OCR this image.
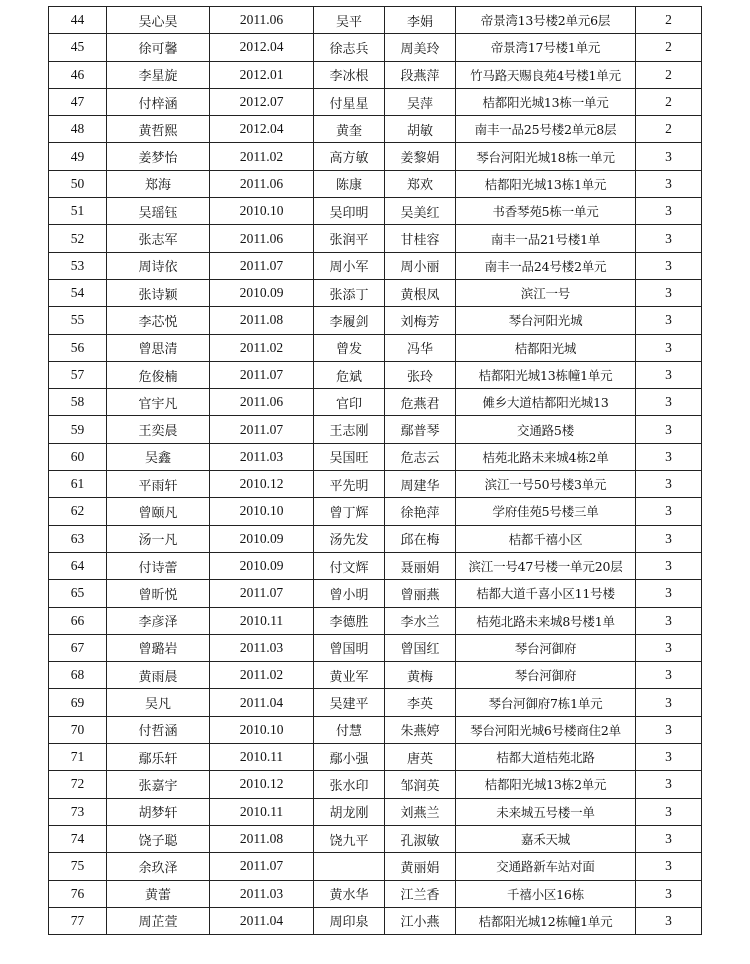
44	吴心昊	2011.06	吴平	李娟	帝景湾13号楼2单元6层	2
45	徐可馨	2012.04	徐志兵	周美玲	帝景湾17号楼1单元	2
46	李星旋	2012.01	李冰根	段燕萍	竹马路天赐良苑4号楼1单元	2
47	付梓涵	2012.07	付星星	吴萍	桔都阳光城13栋一单元	2
48	黄哲熙	2012.04	黄奎	胡敏	南丰一品25号楼2单元8层	2
49	姜梦怡	2011.02	高方敏	姜黎娟	琴台河阳光城18栋一单元	3
50	郑海	2011.06	陈康	郑欢	桔都阳光城13栋1单元	3
51	吴瑶钰	2010.10	吴印明	吴美红	书香琴苑5栋一单元	3
52	张志军	2011.06	张润平	甘桂容	南丰一品21号楼1单	3
53	周诗依	2011.07	周小军	周小丽	南丰一品24号楼2单元	3
54	张诗颖	2010.09	张添丁	黄根凤	滨江一号	3
55	李芯悦	2011.08	李履剑	刘梅芳	琴台河阳光城	3
56	曾思清	2011.02	曾发	冯华	桔都阳光城	3
57	危俊楠	2011.07	危斌	张玲	桔都阳光城13栋幢1单元	3
58	官宇凡	2011.06	官印	危燕君	傩乡大道桔都阳光城13	3
59	王奕晨	2011.07	王志刚	鄢普琴	交通路5楼	3
60	吴鑫	2011.03	吴国旺	危志云	桔苑北路未来城4栋2单	3
61	平雨轩	2010.12	平先明	周建华	滨江一号50号楼3单元	3
62	曾颐凡	2010.10	曾丁辉	徐艳萍	学府佳苑5号楼三单	3
63	汤一凡	2010.09	汤先发	邱在梅	桔都千禧小区	3
64	付诗蕾	2010.09	付文辉	聂丽娟	滨江一号47号楼一单元20层	3
65	曾昕悦	2011.07	曾小明	曾丽燕	桔都大道千喜小区11号楼	3
66	李彦泽	2010.11	李德胜	李水兰	桔苑北路未来城8号楼1单	3
67	曾璐岩	2011.03	曾国明	曾国红	琴台河御府	3
68	黄雨晨	2011.02	黄业军	黄梅	琴台河御府	3
69	吴凡	2011.04	吴建平	李英	琴台河御府7栋1单元	3
70	付哲涵	2010.10	付慧	朱燕婷	琴台河阳光城6号楼商住2单	3
71	鄢乐轩	2010.11	鄢小强	唐英	桔都大道桔苑北路	3
72	张嘉宇	2010.12	张水印	邹润英	桔都阳光城13栋2单元	3
73	胡梦轩	2010.11	胡龙刚	刘燕兰	未来城五号楼一单	3
74	饶子聪	2011.08	饶九平	孔淑敏	嘉禾天城	3
75	余玖泽	2011.07		黄丽娟	交通路新车站对面	3
76	黄蕾	2011.03	黄水华	江兰香	千禧小区16栋	3
77	周芷萱	2011.04	周印泉	江小燕	桔都阳光城12栋幢1单元	3
